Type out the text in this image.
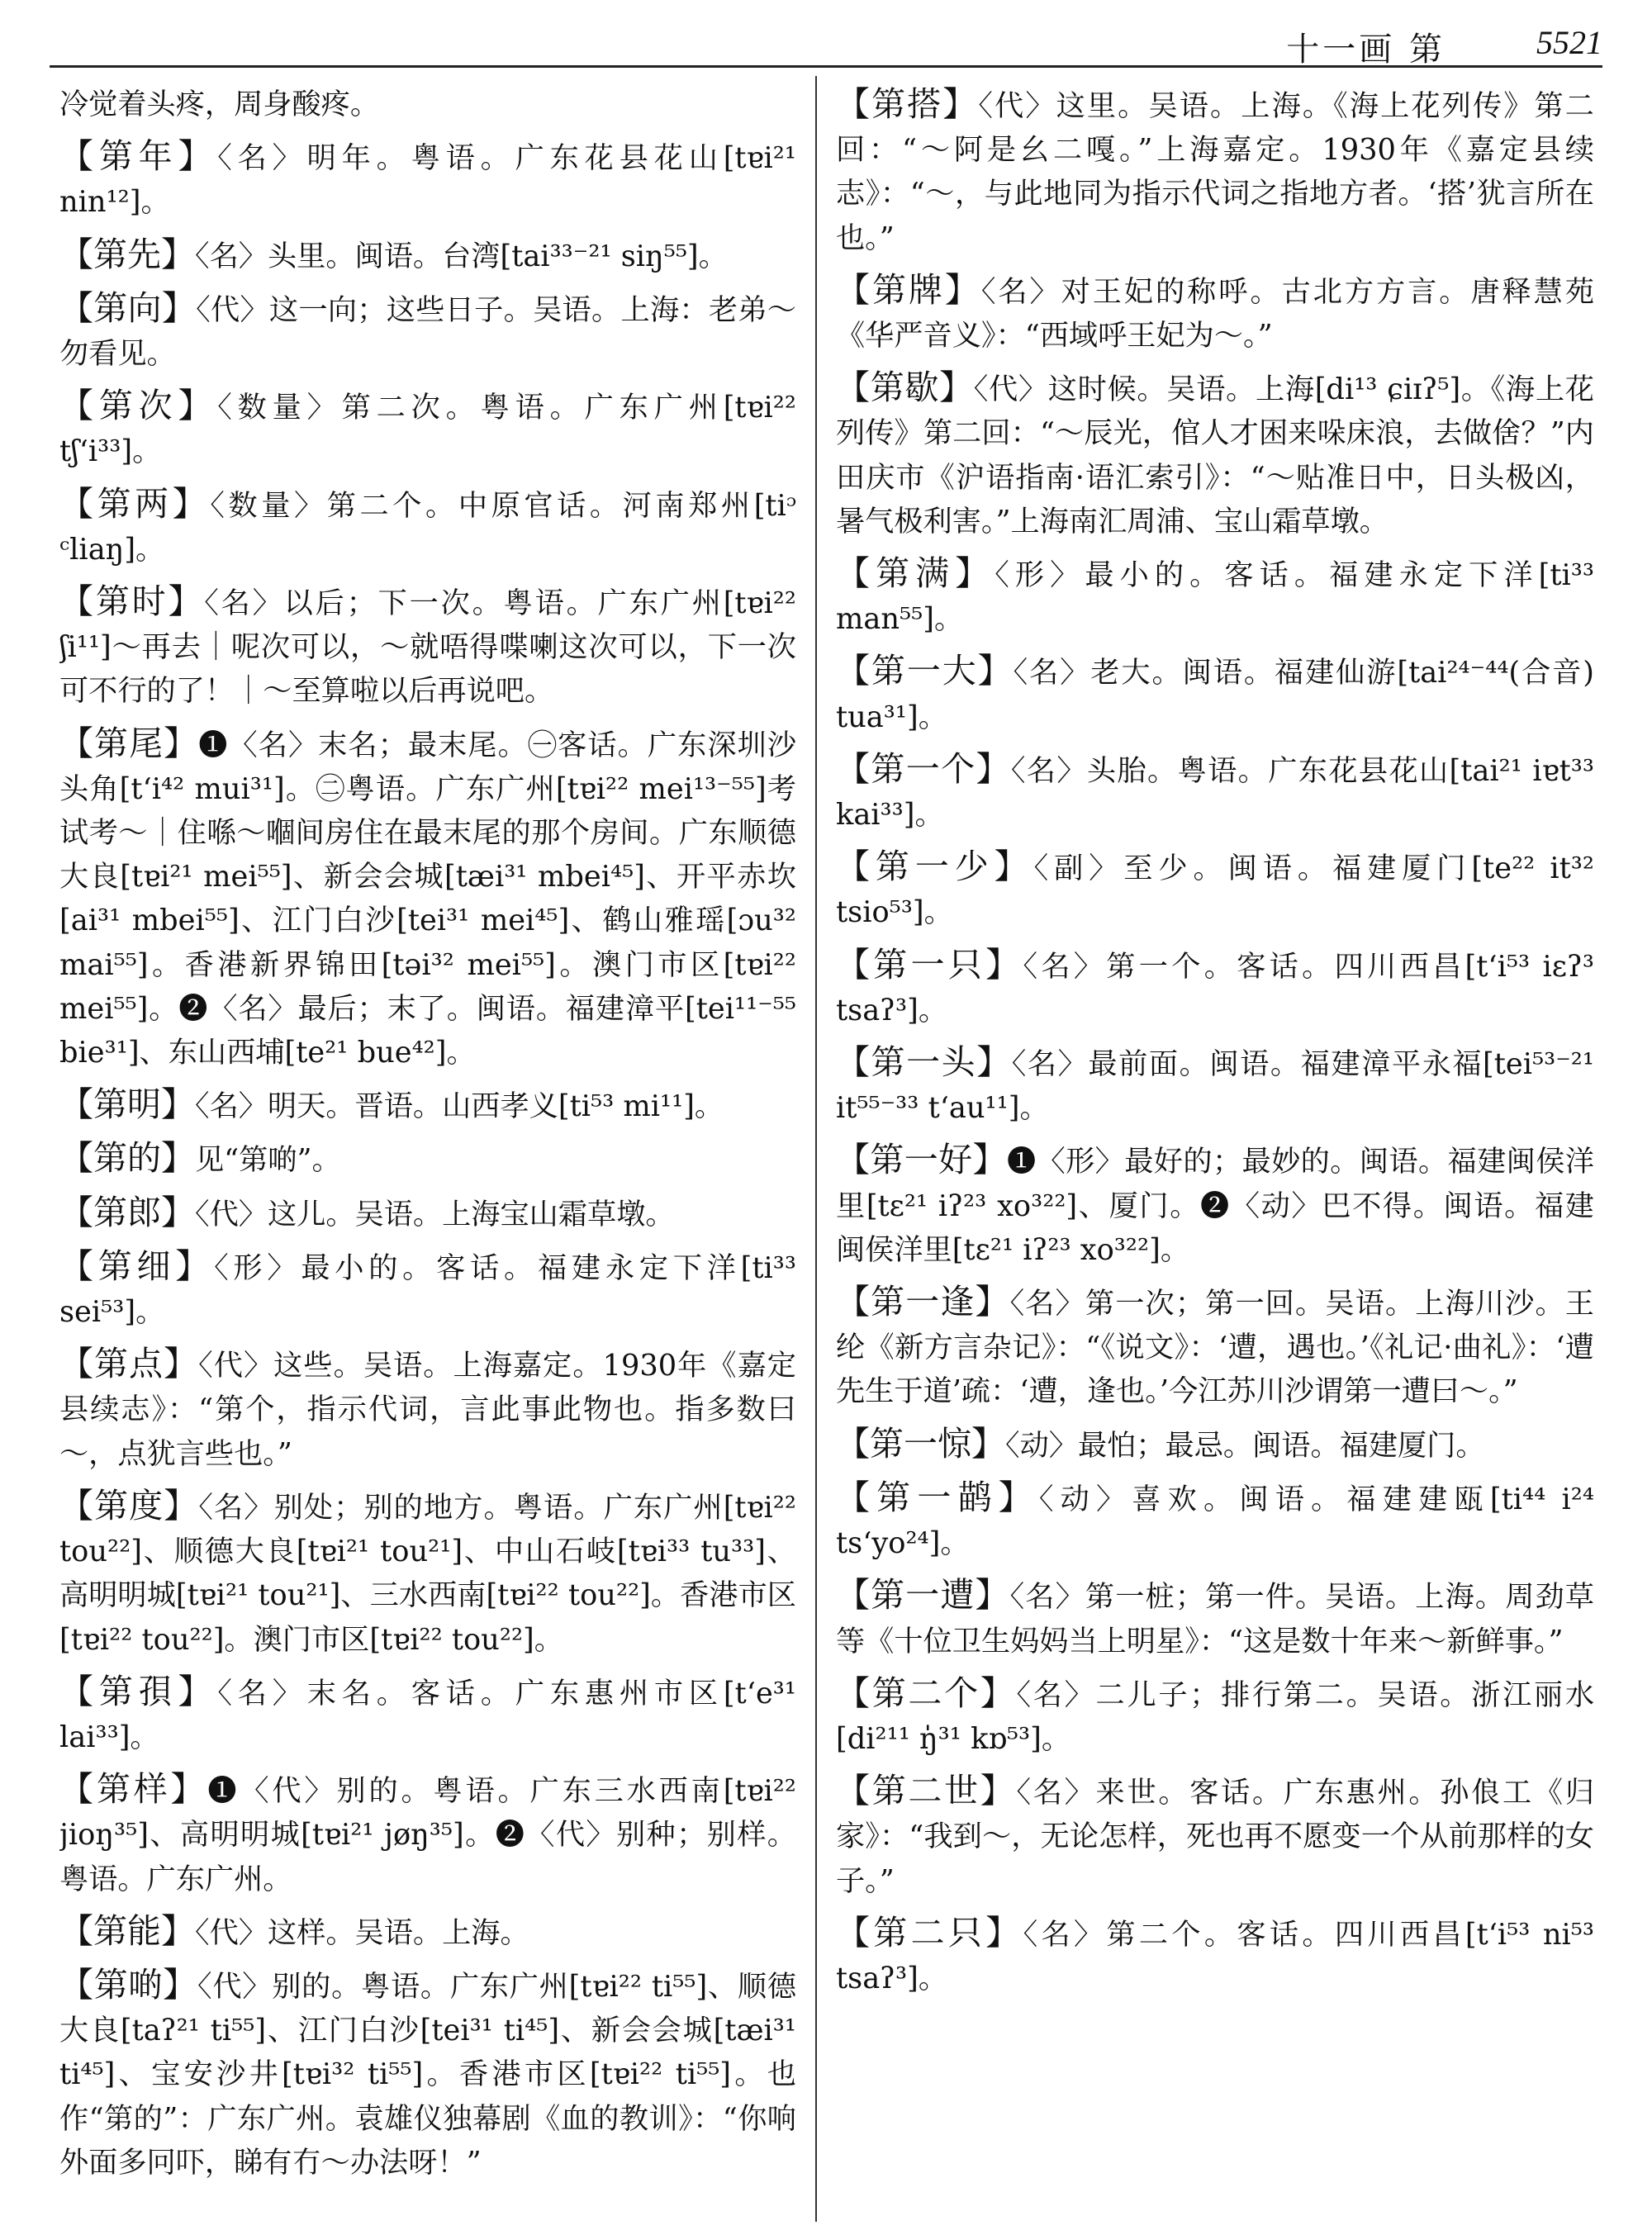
十一画 第	5521

冷觉着头疼，周身酸疼。

【第年】〈名〉明年。粤语。广东花县花山[tɐi²¹ nin¹²]。

【第先】〈名〉头里。闽语。台湾[tai³³⁻²¹ siŋ⁵⁵]。

【第向】〈代〉这一向；这些日子。吴语。上海：老弟～勿看见。

【第次】〈数量〉第二次。粤语。广东广州[tɐi²² tʃʻi³³]。

【第两】〈数量〉第二个。中原官话。河南郑州[tiᵓ ᶜliaŋ]。

【第时】〈名〉以后；下一次。粤语。广东广州[tɐi²² ʃi¹¹]～再去｜呢次可以，～就唔得喋喇这次可以，下一次可不行的了！｜～至算啦以后再说吧。

【第尾】❶〈名〉末名；最末尾。㊀客话。广东深圳沙头角[tʻi⁴² mui³¹]。㊁粤语。广东广州[tɐi²² mei¹³⁻⁵⁵]考试考～｜住喺～嗰间房住在最末尾的那个房间。广东顺德大良[tɐi²¹ mei⁵⁵]、新会会城[tæi³¹ mbei⁴⁵]、开平赤坎[ai³¹ mbei⁵⁵]、江门白沙[tei³¹ mei⁴⁵]、鹤山雅瑶[ɔu³² mai⁵⁵]。香港新界锦田[təi³² mei⁵⁵]。澳门市区[tɐi²² mei⁵⁵]。❷〈名〉最后；末了。闽语。福建漳平[tei¹¹⁻⁵⁵ bie³¹]、东山西埔[te²¹ bue⁴²]。

【第明】〈名〉明天。晋语。山西孝义[ti⁵³ mi¹¹]。

【第的】见“第啲”。

【第郎】〈代〉这儿。吴语。上海宝山霜草墩。

【第细】〈形〉最小的。客话。福建永定下洋[ti³³ sei⁵³]。

【第点】〈代〉这些。吴语。上海嘉定。1930年《嘉定县续志》：“第个，指示代词，言此事此物也。指多数曰～，点犹言些也。”

【第度】〈名〉别处；别的地方。粤语。广东广州[tɐi²² tou²²]、顺德大良[tɐi²¹ tou²¹]、中山石岐[tɐi³³ tu³³]、高明明城[tɐi²¹ tou²¹]、三水西南[tɐi²² tou²²]。香港市区[tɐi²² tou²²]。澳门市区[tɐi²² tou²²]。

【第孭】〈名〉末名。客话。广东惠州市区[tʻe³¹ lai³³]。

【第样】❶〈代〉别的。粤语。广东三水西南[tɐi²² jioŋ³⁵]、高明明城[tɐi²¹ jøŋ³⁵]。❷〈代〉别种；别样。粤语。广东广州。

【第能】〈代〉这样。吴语。上海。

【第啲】〈代〉别的。粤语。广东广州[tɐi²² ti⁵⁵]、顺德大良[taʔ²¹ ti⁵⁵]、江门白沙[tei³¹ ti⁴⁵]、新会会城[tæi³¹ ti⁴⁵]、宝安沙井[tɐi³² ti⁵⁵]。香港市区[tɐi²² ti⁵⁵]。也作“第的”：广东广州。袁雄仪独幕剧《血的教训》：“你响外面多冋吓，睇有冇～办法呀！”

【第搭】〈代〉这里。吴语。上海。《海上花列传》第二回：“～阿是幺二嘎。”上海嘉定。1930年《嘉定县续志》：“～，与此地同为指示代词之指地方者。‘搭’犹言所在也。”

【第牌】〈名〉对王妃的称呼。古北方方言。唐释慧苑《华严音义》：“西域呼王妃为～。”

【第歇】〈代〉这时候。吴语。上海[di¹³ ɕiɪʔ⁵]。《海上花列传》第二回：“～辰光，倌人才困来哚床浪，去做倽？”内田庆市《沪语指南·语汇索引》：“～贴准日中，日头极凶，暑气极利害。”上海南汇周浦、宝山霜草墩。

【第满】〈形〉最小的。客话。福建永定下洋[ti³³ man⁵⁵]。

【第一大】〈名〉老大。闽语。福建仙游[tai²⁴⁻⁴⁴(合音) tua³¹]。

【第一个】〈名〉头胎。粤语。广东花县花山[tai²¹ iɐt³³ kai³³]。

【第一少】〈副〉至少。闽语。福建厦门[te²² it³² tsio⁵³]。

【第一只】〈名〉第一个。客话。四川西昌[tʻi⁵³ iɛʔ³ tsaʔ³]。

【第一头】〈名〉最前面。闽语。福建漳平永福[tei⁵³⁻²¹ it⁵⁵⁻³³ tʻau¹¹]。

【第一好】❶〈形〉最好的；最妙的。闽语。福建闽侯洋里[tɛ²¹ iʔ²³ xo³²²]、厦门。❷〈动〉巴不得。闽语。福建闽侯洋里[tɛ²¹ iʔ²³ xo³²²]。

【第一逢】〈名〉第一次；第一回。吴语。上海川沙。王纶《新方言杂记》：“《说文》：‘遭，遇也。’《礼记·曲礼》：‘遭先生于道’疏：‘遭，逢也。’今江苏川沙谓第一遭曰～。”

【第一惊】〈动〉最怕；最忌。闽语。福建厦门。

【第一鹋】〈动〉喜欢。闽语。福建建瓯[ti⁴⁴ i²⁴ tsʻyo²⁴]。

【第一遭】〈名〉第一桩；第一件。吴语。上海。周劲草等《十位卫生妈妈当上明星》：“这是数十年来～新鲜事。”

【第二个】〈名〉二儿子；排行第二。吴语。浙江丽水[di²¹¹ ŋ̍³¹ kɒ⁵³]。

【第二世】〈名〉来世。客话。广东惠州。孙俍工《归家》：“我到～，无论怎样，死也再不愿变一个从前那样的女子。”

【第二只】〈名〉第二个。客话。四川西昌[tʻi⁵³ ni⁵³ tsaʔ³]。
